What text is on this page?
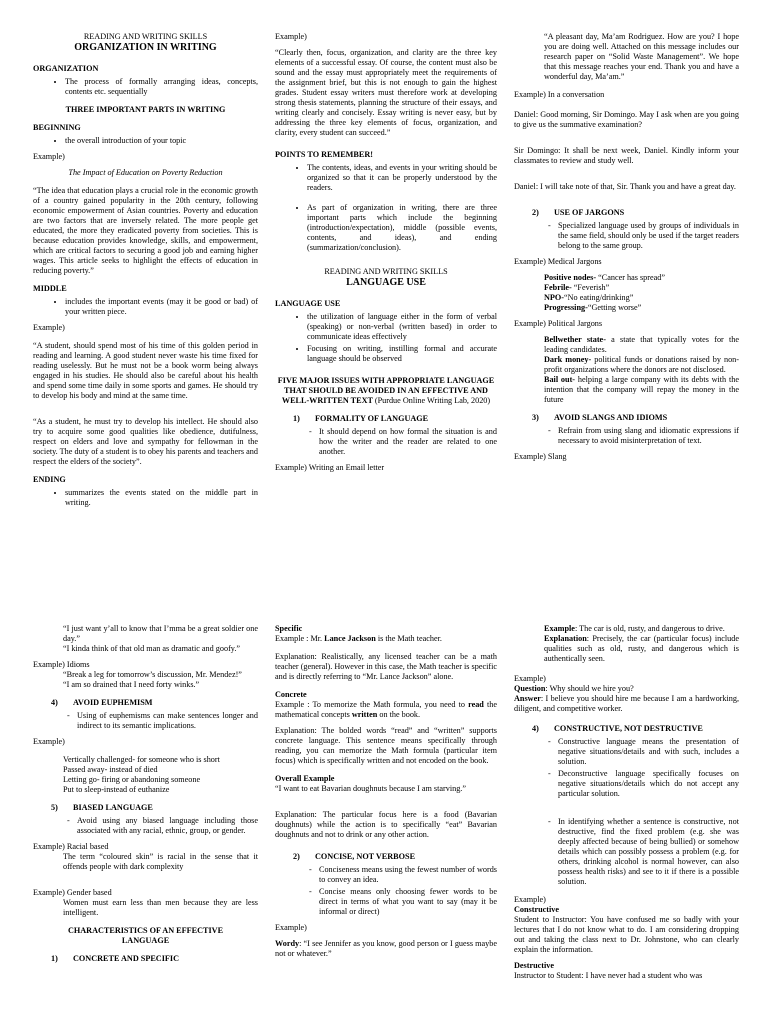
READING AND WRITING SKILLS
ORGANIZATION IN WRITING
ORGANIZATION
• The process of formally arranging ideas, concepts, contents etc. sequentially
THREE IMPORTANT PARTS IN WRITING
BEGINNING
• the overall introduction of your topic
Example)
The Impact of Education on Poverty Reduction

“The idea that education plays a crucial role in the economic growth of a country gained popularity in the 20th century, following economic empowerment of Asian countries. Poverty and education are two factors that are inversely related. The more people get educated, the more they eradicated poverty from societies. This is because education provides knowledge, skills, and empowerment, which are critical factors to securing a good job and earning higher wages. This article seeks to highlight the effects of education in reducing poverty.”

MIDDLE
• includes the important events (may it be good or bad) of your written piece.
Example)

“A student, should spend most of his time of this golden period in reading and learning. A good student never waste his time fixed for reading uselessly. But he must not be a book worm being always engaged in his studies. He should also be careful about his health and spend some time daily in some sports and games. He should try to develop his body and mind at the same time.

“As a student, he must try to develop his intellect. He should also try to acquire some good qualities like obedience, dutifulness, respect on elders and love and sympathy for fellowman in the society. The duty of a student is to obey his parents and teachers and respect the elders of the society”.

ENDING
• summarizes the events stated on the middle part in writing.
Example)

“Clearly then, focus, organization, and clarity are the three key elements of a successful essay. Of course, the content must also be sound and the essay must appropriately meet the requirements of the assignment brief, but this is not enough to gain the highest grades. Student essay writers must therefore work at developing strong thesis statements, planning the structure of their essays, and writing clearly and concisely. Essay writing is never easy, but by addressing the three key elements of focus, organization, and clarity, every student can succeed.”

POINTS TO REMEMBER!
• The contents, ideas, and events in your writing should be organized so that it can be properly understood by the readers.
• As part of organization in writing, there are three important parts which include the beginning (introduction/expectation), middle (possible events, contents, and ideas), and ending (summarization/conclusion).
READING AND WRITING SKILLS
LANGUAGE USE
LANGUAGE USE
• the utilization of language either in the form of verbal (speaking) or non-verbal (written based) in order to communicate ideas effectively
• Focusing on writing, instilling formal and accurate language should be observed
FIVE MAJOR ISSUES WITH APPROPRIATE LANGUAGE THAT SHOULD BE AVOIDED IN AN EFFECTIVE AND WELL-WRITTEN TEXT (Purdue Online Writing Lab, 2020)
1) FORMALITY OF LANGUAGE
- It should depend on how formal the situation is and how the writer and the reader are related to one another.
Example) Writing an Email letter

“A pleasant day, Ma’am Rodriguez. How are you? I hope you are doing well. Attached on this message includes our research paper on “Solid Waste Management”. We hope that this message reaches your end. Thank you and have a wonderful day, Ma’am.”

Example) In a conversation

Daniel: Good morning, Sir Domingo. May I ask when are you going to give us the summative examination?

Sir Domingo: It shall be next week, Daniel. Kindly inform your classmates to review and study well.

Daniel: I will take note of that, Sir. Thank you and have a great day.

2) USE OF JARGONS
- Specialized language used by groups of individuals in the same field, should only be used if the target readers belong to the same group.
Example) Medical Jargons
Positive nodes- “Cancer has spread”
Febrile- “Feverish”
NPO-“No eating/drinking”
Progressing-“Getting worse”
Example) Political Jargons
Bellwether state- a state that typically votes for the leading candidates.
Dark money- political funds or donations raised by non-profit organizations where the donors are not disclosed.
Bail out- helping a large company with its debts with the intention that the company will repay the money in the future
3) AVOID SLANGS AND IDIOMS
- Refrain from using slang and idiomatic expressions if necessary to avoid misinterpretation of text.
Example) Slang

“I just want y’all to know that I’mma be a great soldier one day.”

“I kinda think of that old man as dramatic and goofy.”

Example) Idioms

“Break a leg for tomorrow’s discussion, Mr. Mendez!”

“I am so drained that I need forty winks.”

4) AVOID EUPHEMISM
- Using of euphemisms can make sentences longer and indirect to its semantic implications.
Example)
Vertically challenged- for someone who is short
Passed away- instead of died
Letting go- firing or abandoning someone
Put to sleep-instead of euthanize
5) BIASED LANGUAGE
- Avoid using any biased language including those associated with any racial, ethnic, group, or gender.
Example) Racial based

The term “coloured skin” is racial in the sense that it offends people with dark complexity

Example) Gender based

Women must earn less than men because they are less intelligent.

CHARACTERISTICS OF AN EFFECTIVE LANGUAGE
1) CONCRETE AND SPECIFIC
Specific
Example : Mr. Lance Jackson is the Math teacher.

Explanation: Realistically, any licensed teacher can be a math teacher (general). However in this case, the Math teacher is specific and is directly referring to “Mr. Lance Jackson” alone.

Concrete

Example : To memorize the Math formula, you need to read the mathematical concepts written on the book.

Explanation: The bolded words “read” and “written” supports concrete language. This sentence means specifically through reading, you can memorize the Math formula (particular item focus) which is specifically written and not encoded on the book.

Overall Example

“I want to eat Bavarian doughnuts because I am starving.”

Explanation: The particular focus here is a food (Bavarian doughnuts) while the action is to specifically “eat” Bavarian doughnuts and not to drink or any other action.

2) CONCISE, NOT VERBOSE
- Conciseness means using the fewest number of words to convey an idea.
- Concise means only choosing fewer words to be direct in terms of what you want to say (may it be informal or direct)
Example)

Wordy: “I see Jennifer as you know, good person or I guess maybe not or whatever.”

Example: The car is old, rusty, and dangerous to drive.

Explanation: Precisely, the car (particular focus) include qualities such as old, rusty, and dangerous which is authentically seen.

Example)
Question: Why should we hire you?

Answer: I believe you should hire me because I am a hardworking, diligent, and competitive worker.

4) CONSTRUCTIVE, NOT DESTRUCTIVE
- Constructive language means the presentation of negative situations/details and with such, includes a solution.
- Deconstructive language specifically focuses on negative situations/details which do not accept any particular solution.
- In identifying whether a sentence is constructive, not destructive, find the fixed problem (e.g. she was deeply affected because of being bullied) or somehow details which can possibly possess a problem (e.g. for others, drinking alcohol is normal however, can also possess health risks) and see to it if there is a possible solution.
Example)
Constructive

Student to Instructor: You have confused me so badly with your lectures that I do not know what to do. I am considering dropping out and taking the class next to Dr. Johnstone, who can clearly explain the information.

Destructive

Instructor to Student: I have never had a student who was
